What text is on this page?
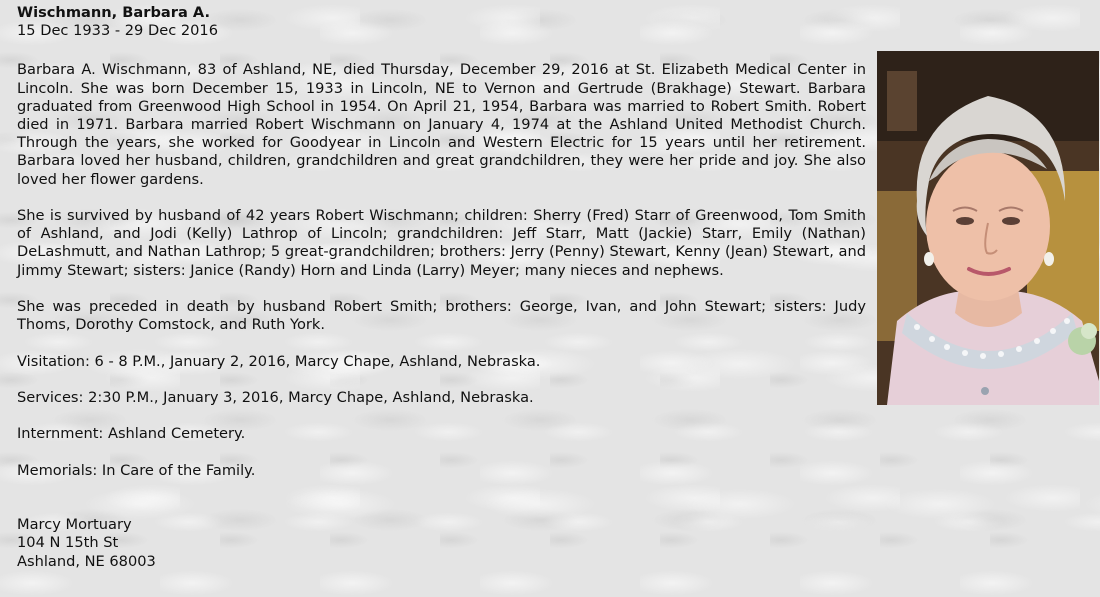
Wischmann, Barbara A.

15 Dec 1933 - 29 Dec 2016

Barbara A. Wischmann, 83 of Ashland, NE, died Thursday, December 29, 2016 at St. Elizabeth Medical Center in Lincoln. She was born December 15, 1933 in Lincoln, NE to Vernon and Gertrude (Brakhage) Stewart. Barbara graduated from Greenwood High School in 1954. On April 21, 1954, Barbara was married to Robert Smith. Robert died in 1971. Barbara married Robert Wischmann on January 4, 1974 at the Ashland United Methodist Church. Through the years, she worked for Goodyear in Lincoln and Western Electric for 15 years until her retirement. Barbara loved her husband, children, grandchildren and great grandchildren, they were her pride and joy. She also loved her flower gardens.

She is survived by husband of 42 years Robert Wischmann; children: Sherry (Fred) Starr of Greenwood, Tom Smith of Ashland, and Jodi (Kelly) Lathrop of Lincoln; grandchildren: Jeff Starr, Matt (Jackie) Starr, Emily (Nathan) DeLashmutt, and Nathan Lathrop; 5 great-grandchildren; brothers: Jerry (Penny) Stewart, Kenny (Jean) Stewart, and Jimmy Stewart; sisters: Janice (Randy) Horn and Linda (Larry) Meyer; many nieces and nephews.

She was preceded in death by husband Robert Smith; brothers: George, Ivan, and John Stewart; sisters: Judy Thoms, Dorothy Comstock, and Ruth York.

Visitation: 6 - 8 P.M., January 2, 2016, Marcy Chape, Ashland, Nebraska.

Services: 2:30 P.M., January 3, 2016, Marcy Chape, Ashland, Nebraska.

Internment: Ashland Cemetery.

Memorials: In Care of the Family.

Marcy Mortuary

104 N 15th St

Ashland, NE 68003
